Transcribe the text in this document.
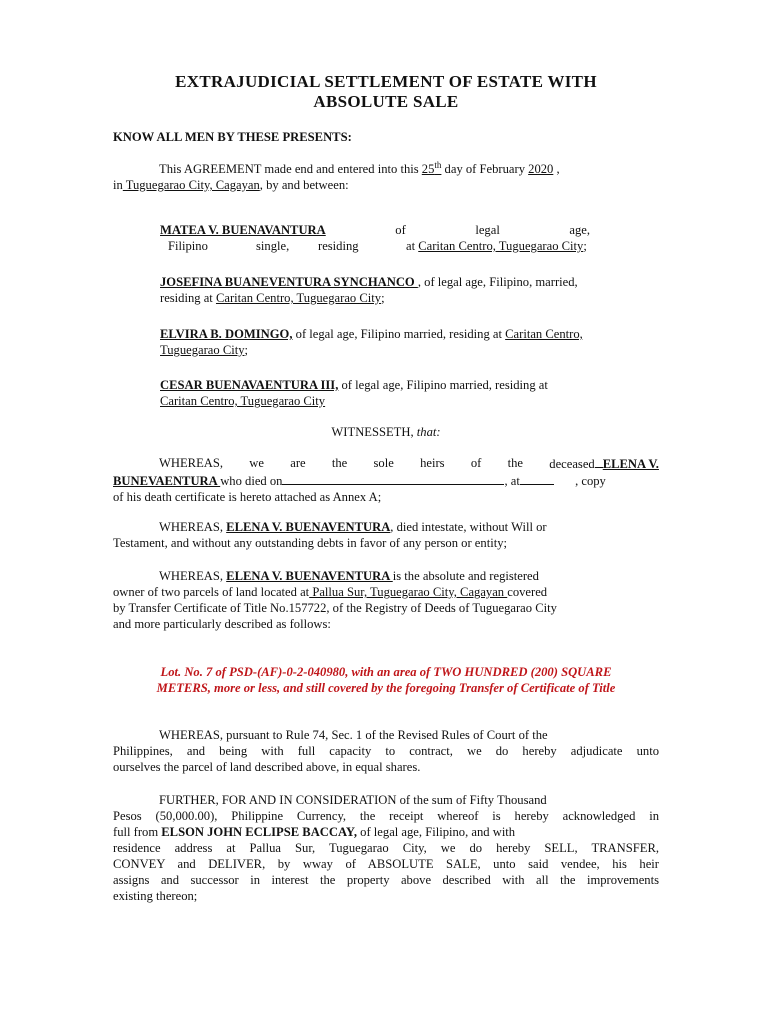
EXTRAJUDICIAL SETTLEMENT OF ESTATE WITH
ABSOLUTE SALE
KNOW ALL MEN BY THESE PRESENTS:
This AGREEMENT made end and entered into this 25th day of February 2020 ,
in Tuguegarao City, Cagayan, by and between:
MATEA V. BUENAVANTURA	of	legal	age,
Filipino	single,	residing	at Caritan Centro, Tuguegarao City;
JOSEFINA BUANEVENTURA SYNCHANCO , of legal age, Filipino, married,
residing at Caritan Centro, Tuguegarao City;
ELVIRA B. DOMINGO, of legal age, Filipino married, residing at Caritan Centro,
Tuguegarao City;
CESAR BUENAVAENTURA III, of legal age, Filipino married, residing at
Caritan Centro, Tuguegarao City
WITNESSETH, that:
WHEREAS, we are the sole heirs of the deceased ELENA V.
BUNEVAENTURA who died on	, at	, copy
of his death certificate is hereto attached as Annex A;
WHEREAS, ELENA V. BUENAVENTURA, died intestate, without Will or
Testament, and without any outstanding debts in favor of any person or entity;
WHEREAS, ELENA V. BUENAVENTURA is the absolute and registered
owner of two parcels of land located at Pallua Sur, Tuguegarao City, Cagayan covered
by Transfer Certificate of Title No.157722, of the Registry of Deeds of Tuguegarao City
and more particularly described as follows:
Lot. No. 7 of PSD-(AF)-0-2-040980, with an area of TWO HUNDRED (200) SQUARE
METERS, more or less, and still covered by the foregoing Transfer of Certificate of Title
WHEREAS, pursuant to Rule 74, Sec. 1 of the Revised Rules of Court of the
Philippines, and being with full capacity to contract, we do hereby adjudicate unto
ourselves the parcel of land described above, in equal shares.
FURTHER, FOR AND IN CONSIDERATION of the sum of Fifty Thousand
Pesos (50,000.00), Philippine Currency, the receipt whereof is hereby acknowledged in
full from ELSON JOHN ECLIPSE BACCAY, of legal age, Filipino, and with
residence address at Pallua Sur, Tuguegarao City, we do hereby SELL, TRANSFER,
CONVEY and DELIVER, by wway of ABSOLUTE SALE, unto said vendee, his heir
assigns and successor in interest the property above described with all the improvements
existing thereon;
